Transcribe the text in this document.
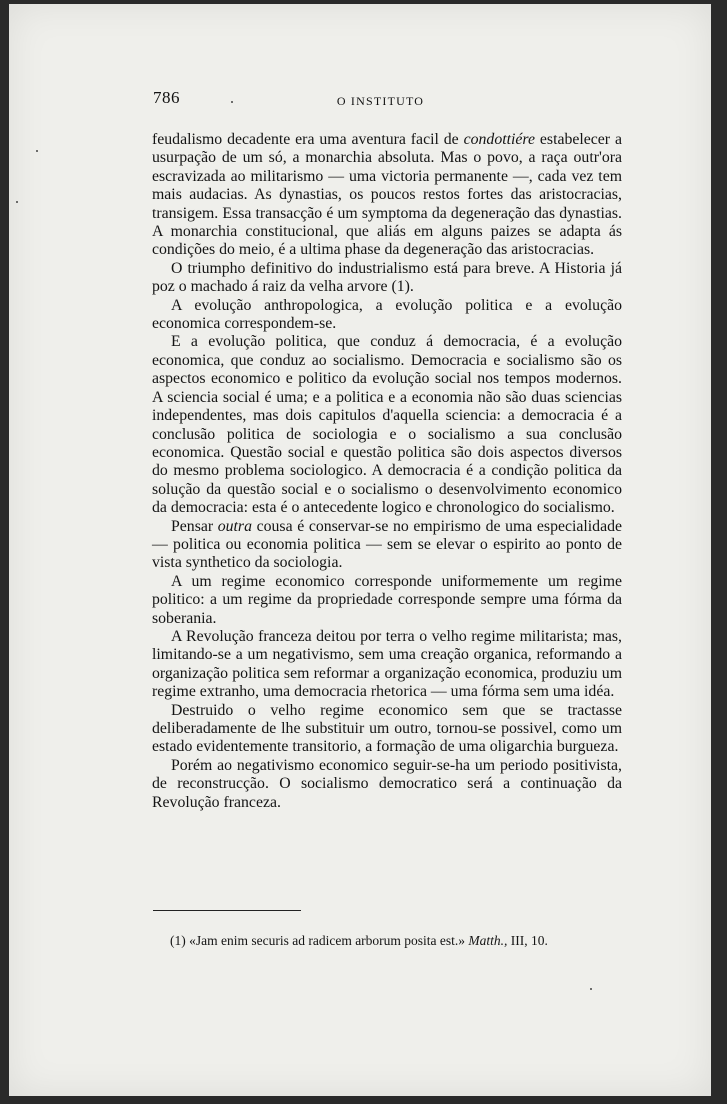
786	O INSTITUTO

feudalismo decadente era uma aventura facil de condottiére estabelecer a usurpação de um só, a monarchia absoluta. Mas o povo, a raça outr'ora escravizada ao militarismo — uma victoria permanente —, cada vez tem mais audacias. As dynastias, os poucos restos fortes das aristocracias, transigem. Essa transacção é um symptoma da degeneração das dynastias. A monarchia constitucional, que aliás em alguns paizes se adapta ás condições do meio, é a ultima phase da degeneração das aristocracias.

O triumpho definitivo do industrialismo está para breve. A Historia já poz o machado á raiz da velha arvore (1).

A evolução anthropologica, a evolução politica e a evolução economica correspondem-se.

E a evolução politica, que conduz á democracia, é a evolução economica, que conduz ao socialismo. Democracia e socialismo são os aspectos economico e politico da evolução social nos tempos modernos. A sciencia social é uma; e a politica e a economia não são duas sciencias independentes, mas dois capitulos d'aquella sciencia: a democracia é a conclusão politica de sociologia e o socialismo a sua conclusão economica. Questão social e questão politica são dois aspectos diversos do mesmo problema sociologico. A democracia é a condição politica da solução da questão social e o socialismo o desenvolvimento economico da democracia: esta é o antecedente logico e chronologico do socialismo.

Pensar outra cousa é conservar-se no empirismo de uma especialidade — politica ou economia politica — sem se elevar o espirito ao ponto de vista synthetico da sociologia.

A um regime economico corresponde uniformemente um regime politico: a um regime da propriedade corresponde sempre uma fórma da soberania.

A Revolução franceza deitou por terra o velho regime militarista; mas, limitando-se a um negativismo, sem uma creação organica, reformando a organização politica sem reformar a organização economica, produziu um regime extranho, uma democracia rhetorica — uma fórma sem uma idéa.

Destruido o velho regime economico sem que se tractasse deliberadamente de lhe substituir um outro, tornou-se possivel, como um estado evidentemente transitorio, a formação de uma oligarchia burgueza.

Porém ao negativismo economico seguir-se-ha um periodo positivista, de reconstrucção. O socialismo democratico será a continuação da Revolução franceza.

(1) «Jam enim securis ad radicem arborum posita est.» Matth., III, 10.
